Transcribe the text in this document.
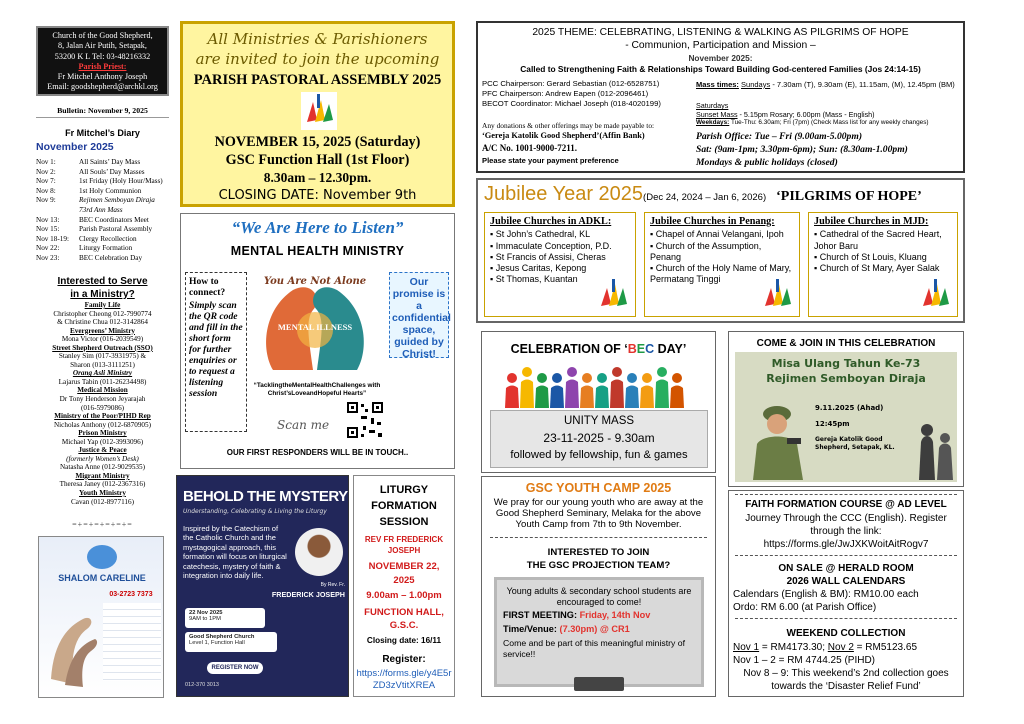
Church of the Good Shepherd,
8, Jalan Air Putih, Setapak,
53200 K L Tel: 03-48216332
Parish Priest:
Fr Mitchel Anthony Joseph
Email: goodshepherd@archkl.org
Bulletin: November 9, 2025
Fr Mitchel’s Diary
November 2025
Nov 1:	All Saints’ Day Mass
Nov 2:	All Souls’ Day Masses
Nov 7:	1st Friday (Holy Hour/Mass)
Nov 8:	1st Holy Communion
Nov 9:	Rejimen Semboyan Diraja
73rd Ann Mass
Nov 13:	BEC Coordinators Meet
Nov 15:	Parish Pastoral Assembly
Nov 18-19:	Clergy Recollection
Nov 22:	Liturgy Formation
Nov 23:	BEC Celebration Day
Interested to Serve
in a Ministry?
Family Life
Christopher Cheong 012-7990774
& Christine Chua 012-3142864
Evergreens’ Ministry
Mona Victor (016-2039549)
Street Shepherd Outreach (SSO)
Stanley Sim (017-3931975) &
Sharon (013-3111251)
Orang Asli Ministry
Lajarus Tabin (011-26234498)
Medical Mission
Dr Tony Henderson Jeyarajah
(016-5979086)
Ministry of the Poor/PIHD Rep
Nicholas Anthony (012-6870905)
Prison Ministry
Michael Yap (012-3993096)
Justice & Peace
(formerly Women’s Desk)
Natasha Anne (012-9029535)
Migrant Ministry
Theresa Janey (012-2367316)
Youth Ministry
Cavan (012-8977116)
=+=+=+=+=+=
SHALOM CARELINE
03-2723 7373
All Ministries & Parishioners
are invited to join the upcoming
PARISH PASTORAL ASSEMBLY 2025
NOVEMBER 15, 2025 (Saturday)
GSC Function Hall (1st Floor)
8.30am – 12.30pm.
CLOSING DATE: November 9th
“We Are Here to Listen”
MENTAL HEALTH MINISTRY
How to connect?
Simply scan the QR code and fill in the short form for further enquiries or to request a listening session
You Are Not Alone
MENTAL ILLNESS
“TacklingtheMentalHealthChallenges with Christ’sLoveandHopeful Hearts”
Our promise is a confidential space, guided by Christ!
Scan me
OUR FIRST RESPONDERS WILL BE IN TOUCH..
BEHOLD THE MYSTERY
Understanding, Celebrating & Living the Liturgy
Inspired by the Catechism of the Catholic Church and the mystagogical approach, this formation will focus on liturgical catechesis, mystery of faith & integration into daily life.
By Rev. Fr.
FREDERICK JOSEPH
22 Nov 2025
9AM to 1PM
Good Shepherd Church
Level 1, Function Hall
REGISTER NOW
012-370 3013
LITURGY FORMATION SESSION
REV FR FREDERICK JOSEPH
NOVEMBER 22, 2025
9.00am – 1.00pm
FUNCTION HALL, G.S.C.
Closing date: 16/11
Register:
https://forms.gle/y4E5rZD3zVtitXREA
2025 THEME: CELEBRATING, LISTENING & WALKING AS PILGRIMS OF HOPE
- Communion, Participation and Mission –
November 2025:
Called to Strengthening Faith & Relationships Toward Building God-centered Families (Jos 24:14-15)
PCC Chairperson: Gerard Sebastian (012-6528751)
PFC Chairperson: Andrew Eapen (012-2096461)
BECOT Coordinator: Michael Joseph (018-4020199)
Any donations & other offerings may be made payable to:
‘Gereja Katolik Good Shepherd’(Affin Bank)
A/C No. 1001-9000-7211.
Please state your payment preference
Mass times: Sundays - 7.30am (T), 9.30am (E), 11.15am, (M), 12.45pm (BM)
Saturdays
Sunset Mass - 5.15pm Rosary; 6.00pm (Mass - English)
Weekdays: Tue-Thu: 6.30am; Fri (7pm) (Check Mass list for any weekly changes)
Parish Office: Tue – Fri (9.00am-5.00pm)
Sat: (9am-1pm; 3.30pm-6pm); Sun: (8.30am-1.00pm)
Mondays & public holidays (closed)
Jubilee Year 2025(Dec 24, 2024 – Jan 6, 2026) ‘PILGRIMS OF HOPE’
Jubilee Churches in ADKL:
▪ St John’s Cathedral, KL
▪ Immaculate Conception, P.D.
▪ St Francis of Assisi, Cheras
▪ Jesus Caritas, Kepong
▪ St Thomas, Kuantan
Jubilee Churches in Penang:
▪ Chapel of Annai Velangani, Ipoh
▪ Church of the Assumption, Penang
▪ Church of the Holy Name of Mary, Permatang Tinggi
Jubilee Churches in MJD:
▪ Cathedral of the Sacred Heart, Johor Baru
▪ Church of St Louis, Kluang
▪ Church of St Mary, Ayer Salak
CELEBRATION OF ‘BEC DAY’
UNITY MASS
23-11-2025 - 9.30am
followed by fellowship, fun & games
GSC YOUTH CAMP 2025
We pray for our young youth who are away at the Good Shepherd Seminary, Melaka for the above Youth Camp from 7th to 9th November.
INTERESTED TO JOIN
THE GSC PROJECTION TEAM?
Young adults & secondary school students are encouraged to come!
FIRST MEETING: Friday, 14th Nov
Time/Venue: (7.30pm) @ CR1
Come and be part of this meaningful ministry of service!!
COME & JOIN IN THIS CELEBRATION
Misa Ulang Tahun Ke-73
Rejimen Semboyan Diraja
9.11.2025 (Ahad)
12:45pm
Gereja Katolik Good Shepherd, Setapak, KL.
FAITH FORMATION COURSE @ AD LEVEL
Journey Through the CCC (English). Register through the link:
https://forms.gle/JwJXKWoitAitRogv7
ON SALE @ HERALD ROOM
2026 WALL CALENDARS
Calendars (English & BM): RM10.00 each
Ordo: RM 6.00 (at Parish Office)
WEEKEND COLLECTION
Nov 1 = RM4173.30; Nov 2 = RM5123.65
Nov 1 – 2 = RM 4744.25 (PIHD)
Nov 8 – 9: This weekend’s 2nd collection goes towards the ‘Disaster Relief Fund’
